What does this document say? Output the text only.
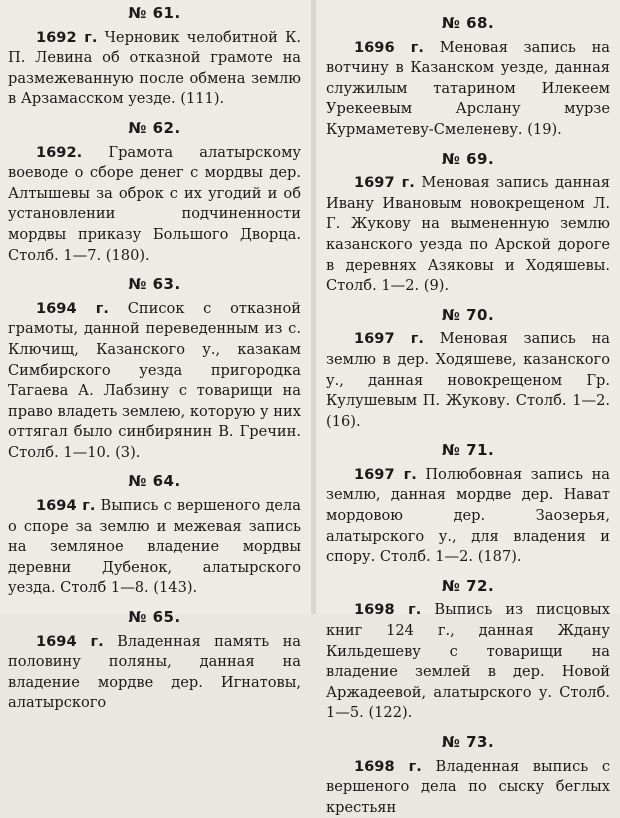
№ 61.

1692 г. Черновик челобитной К. П. Левина об отказной грамоте на размежеванную после обмена землю в Арзамасском уезде. (111).

№ 62.

1692. Грамота алатырскому воеводе о сборе денег с мордвы дер. Алтышевы за оброк с их угодий и об установлении подчиненности мордвы приказу Большого Дворца. Столб. 1—7. (180).

№ 63.

1694 г. Список с отказной грамоты, данной переведенным из с. Ключищ, Казанского у., казакам Симбирского уезда пригородка Тагаева А. Лабзину с товарищи на право владеть землею, которую у них оттягал было синбирянин В. Гречин. Столб. 1—10. (3).

№ 64.

1694 г. Выпись с вершеного дела о споре за землю и межевая запись на земляное владение мордвы деревни Дубенок, алатырского уезда. Столб 1—8. (143).

№ 65.

1694 г. Владенная память на половину поляны, данная на владение мордве дер. Игнатовы, алатырского

№ 68.

1696 г. Меновая запись на вотчину в Казанском уезде, данная служилым татарином Илекеем Урекеевым Арслану мурзе Курмаметеву-Смеленеву. (19).

№ 69.

1697 г. Меновая запись данная Ивану Ивановым новокрещеном Л. Г. Жукову на вымененную землю казанского уезда по Арской дороге в деревнях Азяковы и Ходяшевы. Столб. 1—2. (9).

№ 70.

1697 г. Меновая запись на землю в дер. Ходяшеве, казанского у., данная новокрещеном Гр. Кулушевым П. Жукову. Столб. 1—2. (16).

№ 71.

1697 г. Полюбовная запись на землю, данная мордве дер. Нават мордовою дер. Заозерья, алатырского у., для владения и спору. Столб. 1—2. (187).

№ 72.

1698 г. Выпись из писцовых книг 124 г., данная Ждану Кильдешеву с товарищи на владение землей в дер. Новой Аржадеевой, алатырского у. Столб. 1—5. (122).

№ 73.

1698 г. Владенная выпись с вершеного дела по сыску беглых крестьян
